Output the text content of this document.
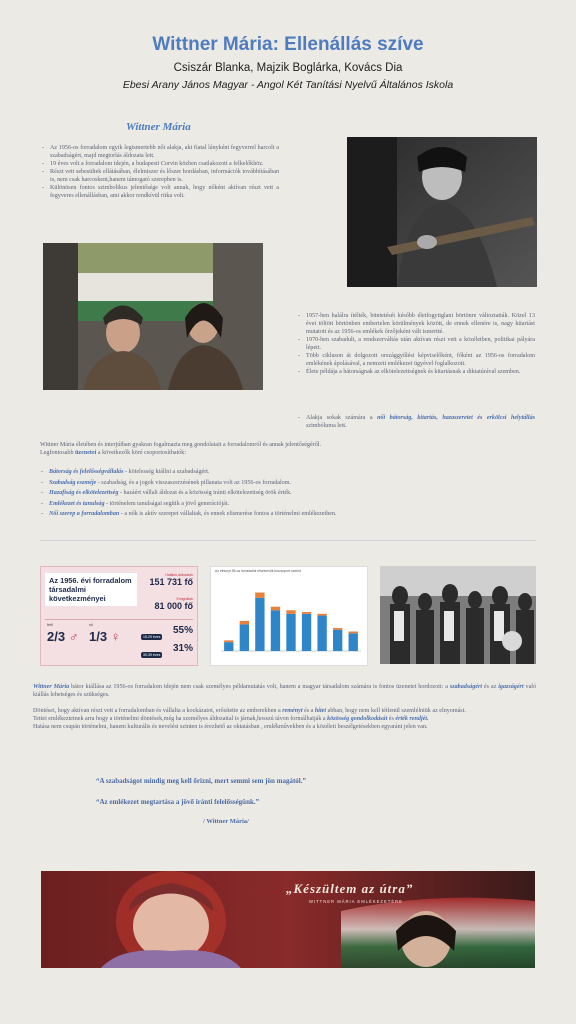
Wittner Mária: Ellenállás szíve
Csiszár Blanka, Majzik Boglárka, Kovács Dia
Ebesi Arany János Magyar - Angol Két Tanítási Nyelvű Általános Iskola
Wittner Mária
- Az 1956-os forradalom egyik legismertebb női alakja, aki fiatal lányként fegyverrel harcolt a szabadságért, majd megtorlás áldozata lett.
- 19 éves volt a forradalom idején, a budapesti Corvin közben csatlakozott a felkelőkhöz.
- Részt vett sebesültek ellátásában, élelmiszer és lőszer hordásban, információk továbbításában is, nem csak harcoskent,hanem támogató szerepben is.
- Különösen fontos szimbolikus jelentősége volt annak, hogy nőként aktívan részt vett a fegyveres ellenállásban, ami akkor rendkívül ritka volt.
- 1957-ben halálra ítélték, büntetését később életfogytiglani börtönre változtatták. Közel 13 évet töltött börtönben embertelen körülmények között, de ennek ellenére is, nagy kitartást mutatott és az 1956-os emlékek őrzőjeként vált ismertté.
- 1970-ben szabadult, a rendszerváltás után aktívan részt vett a közéletben, politikai pályára lépett.
- Több cikluson át dolgozott országgyűlési képviselőként, főként az 1956-os forradalom emlékének ápolásával, a nemzeti emlékezet ügyével foglalkozott.
- Élete példája a bátorságnak az elkötelezettségnek és kitartásnak a diktatúrával szemben.
- Alakja sokak számára a női bátorság, kitartás, hazaszeretet és erkölcsi helytállás szimbóluma lett.
Wittner Mária életében és interjúiban gyakran fogalmazta meg gondolatait a forradalomról és annak jelentőségéről.
Legfontosabb üzenetei a következők köré csoportosíthatók:
- Bátorság és felelősségvállalás - kötelesség kiállni a szabadságért.
- Szabadság eszméje - szabadság, és a jogok visszaszerzésének pillanata volt az 1956-os forradalom.
- Hazafiság és elkötelezettség - hazáért vállalt áldozat és a közösség iránti elkötelezettség örök érték.
- Emlékezet és tanulság - történelem tanulságai segítik a jövő generációját.
- Női szerep a forradalomban - a nők is aktív szerepet vállaltak, és ennek elismerése fontos a történelmi emlékezetben.
Az 1956. évi forradalom társadalmi következményei
Halálos áldozatok
151 731 fő
Emigráltak
81 000 fő
férfi
2/3 ♂
nő
1/3 ♀	15-29 éves
55%
30-39 éves
31%
Az elhunyt 56-os forradalmi résztvevők korcsoport szerint
Wittner Mária bátor kiállása az 1956-os forradalom idején nem csak személyes példamutatás volt, hanem a magyar társadalom számára is fontos üzenetet hordozott: a szabadságért és az igazságért való kiállás lehetséges és szükséges.
Döntései, hogy aktívan részt vett a forradalomban és vállalta a kockázatot, erősítette az emberekben a reményt és a hitet abban, hogy nem kell tétlenül szemlélniük az elnyomást.
Tettei emlékeztetnek arra hogy a történelmi döntések,még ha személyes áldozattal is járnak,hosszú távon formálhatják a közösség gondolkodását és érték rendjét.
Hatása nem csupán történelmi, hanem kulturális és nevelési szinten is érezhető az oktatásban , emlékművekben és a közéleti beszélgetésekben egyaránt jelen van.
“A szabadságot mindig meg kell őrizni, mert semmi sem jön magától.”
“Az emlékezet megtartása a jövő iránti felelősségünk.”
/ Wittner Mária/
„Készültem az útra”
WITTNER MÁRIA EMLÉKEZETÉRE
